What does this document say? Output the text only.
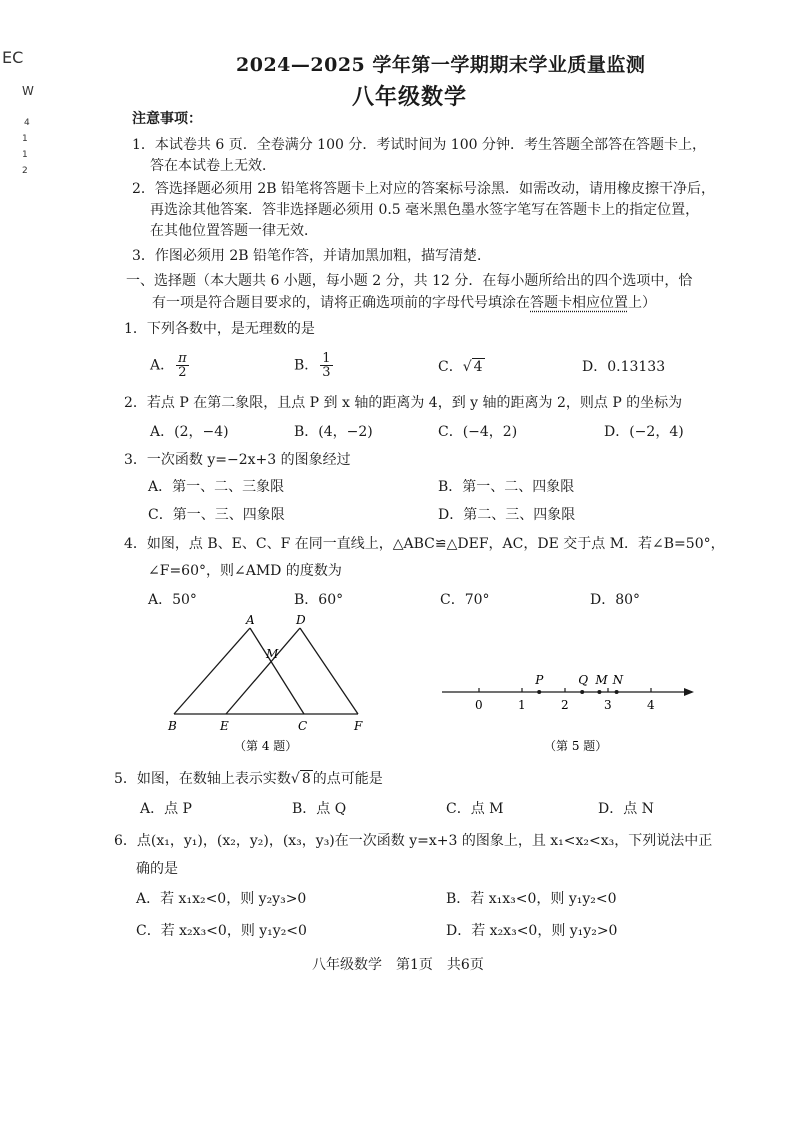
EC
W
4
1
1
2
2024—2025 学年第一学期期末学业质量监测
八年级数学
注意事项：
1．本试卷共 6 页．全卷满分 100 分．考试时间为 100 分钟．考生答题全部答在答题卡上，
答在本试卷上无效．
2．答选择题必须用 2B 铅笔将答题卡上对应的答案标号涂黑．如需改动，请用橡皮擦干净后，
再选涂其他答案．答非选择题必须用 0.5 毫米黑色墨水签字笔写在答题卡上的指定位置，
在其他位置答题一律无效．
3．作图必须用 2B 铅笔作答，并请加黑加粗，描写清楚．
一、选择题（本大题共 6 小题，每小题 2 分，共 12 分．在每小题所给出的四个选项中，恰
有一项是符合题目要求的，请将正确选项前的字母代号填涂在答题卡相应位置上）
1．下列各数中，是无理数的是
A． $\frac{\pi}{2}$	B． $\frac{1}{3}$	C．√ 4	D．0.13133
2．若点 P 在第二象限，且点 P 到 x 轴的距离为 4，到 y 轴的距离为 2，则点 P 的坐标为
A．(2，−4)	B．(4，−2)	C．(−4，2)	D．(−2，4)
3．一次函数 y=−2x+3 的图象经过
A．第一、二、三象限	B．第一、二、四象限
C．第一、三、四象限	D．第二、三、四象限
4．如图，点 B、E、C、F 在同一直线上，△ABC≌△DEF，AC，DE 交于点 M．若∠B=50°，
∠F=60°，则∠AMD 的度数为
A．50°	B．60°	C．70°	D．80°
A	D
M
B	E	C	F
（第 4 题）
0	1	2	3	4
P	Q M N
（第 5 题）
5．如图，在数轴上表示实数√ 8 的点可能是
A．点 P	B．点 Q	C．点 M	D．点 N
6．点(x₁，y₁)，(x₂，y₂)，(x₃，y₃)在一次函数 y=x+3 的图象上，且 x₁<x₂<x₃，下列说法中正
确的是
A．若 x₁x₂<0，则 y₂y₃>0	B．若 x₁x₃<0，则 y₁y₂<0
C．若 x₂x₃<0，则 y₁y₂<0	D．若 x₂x₃<0，则 y₁y₂>0
八年级数学　第1页　共6页
